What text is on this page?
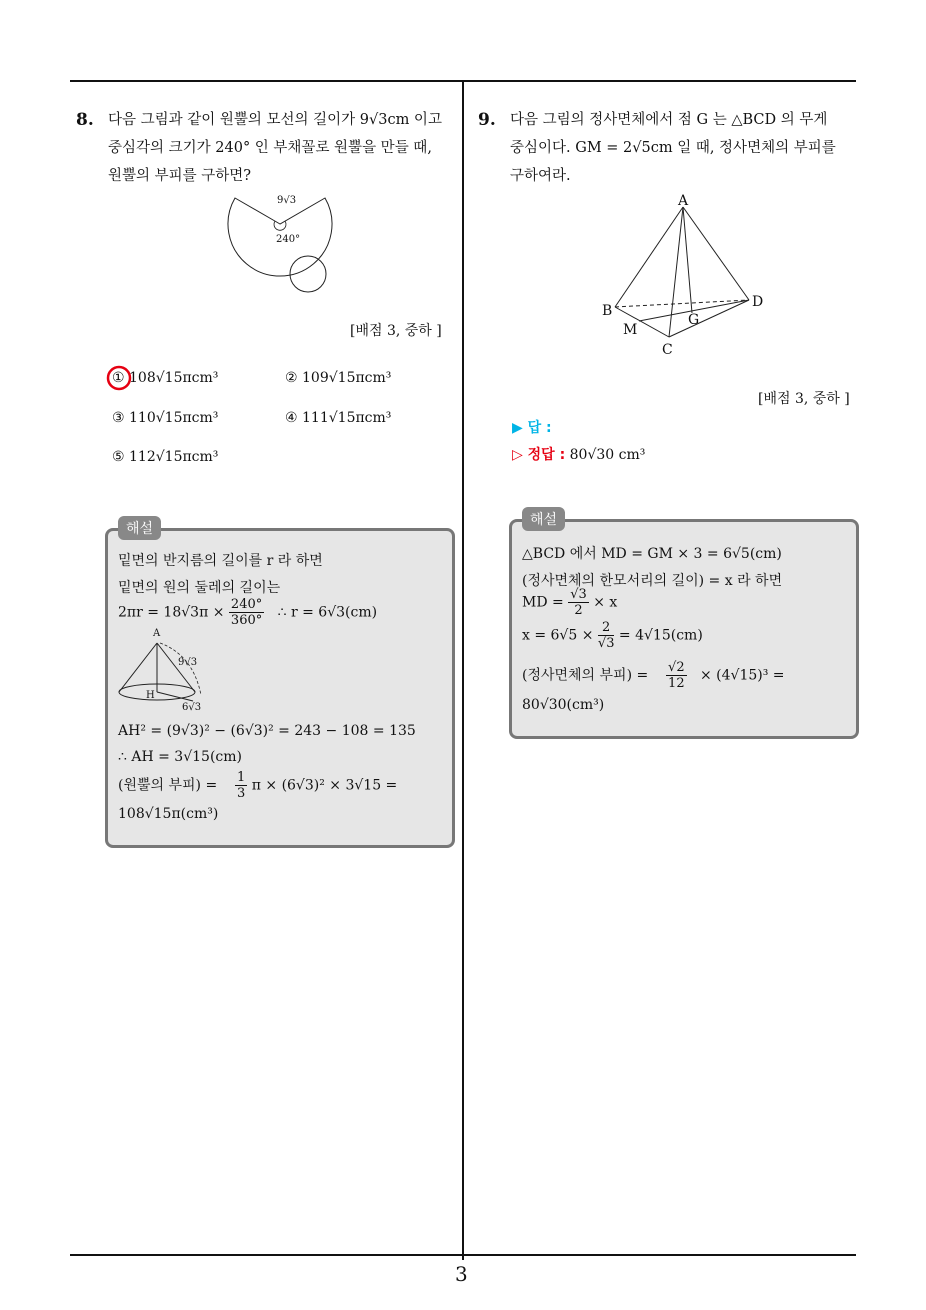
3
8. 다음 그림과 같이 원뿔의 모선의 길이가 9√3cm 이고
중심각의 크기가 240° 인 부채꼴로 원뿔을 만들 때,
원뿔의 부피를 구하면?
9√3
240°
[배점 3, 중하 ]
① 108√15πcm³	② 109√15πcm³
③ 110√15πcm³	④ 111√15πcm³
⑤ 112√15πcm³
해설
밑면의 반지름의 길이를 r 라 하면
밑면의 원의 둘레의 길이는
$2\pi r = 18√3\pi \times \frac{240^\circ}{360^\circ}$ ∴ r = 6√3(cm)
A
9√3
H
6√3
AH² = (9√3)² − (6√3)² = 243 − 108 = 135
∴ AH = 3√15(cm)
(원뿔의 부피) = $\frac{1}{3}$ π × (6√3)² × 3√15 =
108√15π(cm³)
9. 다음 그림의 정사면체에서 점 G 는 △BCD 의 무게
중심이다. GM = 2√5cm 일 때, 정사면체의 부피를
구하여라.
A
B
D
M
G
C
[배점 3, 중하 ]
▶ 답 :
▷ 정답 : 80√30 cm³
해설
△BCD 에서 MD = GM × 3 = 6√5(cm)
(정사면체의 한모서리의 길이) = x 라 하면
MD = $\frac{√3}{2} \times x$
$x = 6√5 \times \frac{2}{√3} = 4√15(cm)$
(정사면체의 부피) = $\frac{√2}{12} \times (4√15)^3$ =
80√30(cm³)
